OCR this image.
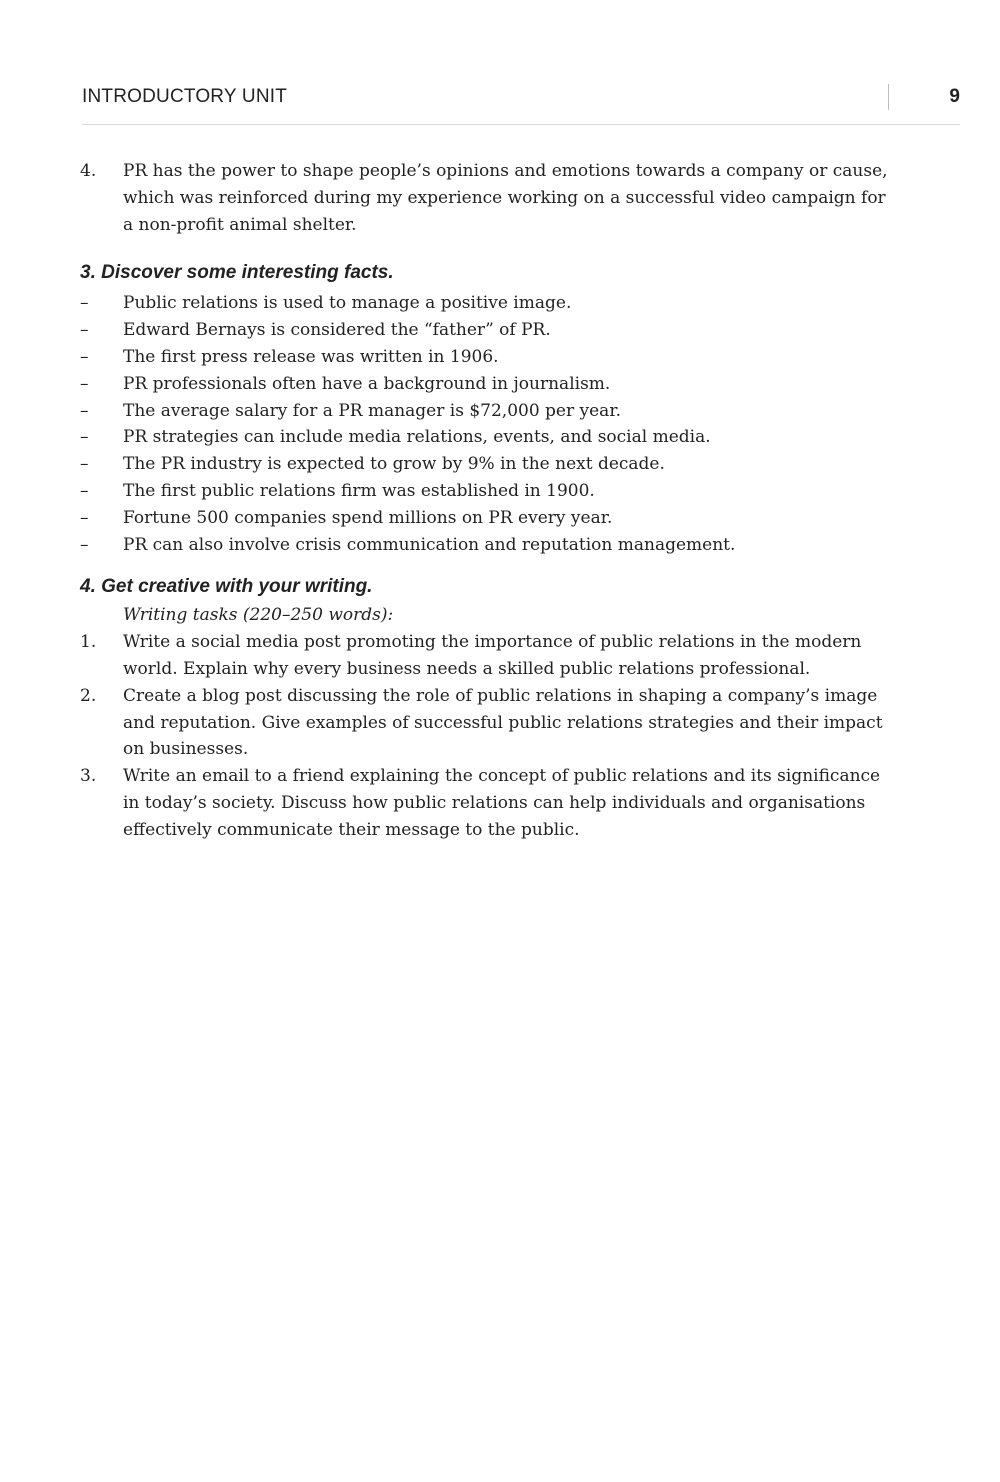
INTRODUCTORY UNIT	9
4. PR has the power to shape people’s opinions and emotions towards a company or cause, which was reinforced during my experience working on a successful video campaign for a non-profit animal shelter.
3. Discover some interesting facts.
– Public relations is used to manage a positive image.
– Edward Bernays is considered the “father” of PR.
– The first press release was written in 1906.
– PR professionals often have a background in journalism.
– The average salary for a PR manager is $72,000 per year.
– PR strategies can include media relations, events, and social media.
– The PR industry is expected to grow by 9% in the next decade.
– The first public relations firm was established in 1900.
– Fortune 500 companies spend millions on PR every year.
– PR can also involve crisis communication and reputation management.
4. Get creative with your writing.
Writing tasks (220–250 words):
1. Write a social media post promoting the importance of public relations in the modern world. Explain why every business needs a skilled public relations professional.
2. Create a blog post discussing the role of public relations in shaping a company’s image and reputation. Give examples of successful public relations strategies and their impact on businesses.
3. Write an email to a friend explaining the concept of public relations and its significance in today’s society. Discuss how public relations can help individuals and organisations effectively communicate their message to the public.
